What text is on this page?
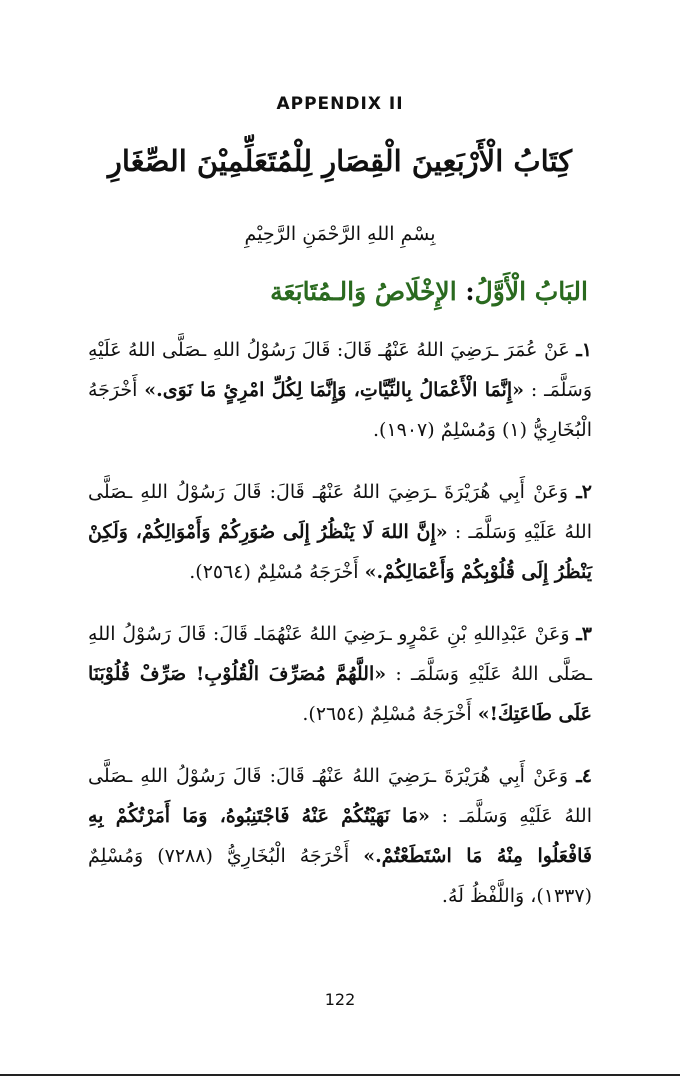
APPENDIX II
كِتَابُ الْأَرْبَعِينَ الْقِصَارِ لِلْمُتَعَلِّمِيْنَ الصِّغَارِ
بِسْمِ اللهِ الرَّحْمَنِ الرَّحِيْمِ
البَابُ الْأَوَّلُ: الإِخْلَاصُ وَالـمُتَابَعَة
١ـ عَنْ عُمَرَ ـرَضِيَ اللهُ عَنْهُـ قَالَ: قَالَ رَسُوْلُ اللهِ ـصَلَّى اللهُ عَلَيْهِ وَسَلَّمَـ : «إِنَّمَا الْأَعْمَالُ بِالنِّيَّاتِ، وَإِنَّمَا لِكُلِّ امْرِئٍ مَا نَوَى.» أَخْرَجَهُ الْبُخَارِيُّ (١) وَمُسْلِمٌ (١٩٠٧).
٢ـ وَعَنْ أَبِي هُرَيْرَةَ ـرَضِيَ اللهُ عَنْهُـ قَالَ: قَالَ رَسُوْلُ اللهِ ـصَلَّى اللهُ عَلَيْهِ وَسَلَّمَـ : «إِنَّ اللهَ لَا يَنْظُرُ إِلَى صُوَرِكُمْ وَأَمْوَالِكُمْ، وَلَكِنْ يَنْظُرُ إِلَى قُلُوْبِكُمْ وَأَعْمَالِكُمْ.» أَخْرَجَهُ مُسْلِمٌ (٢٥٦٤).
٣ـ وَعَنْ عَبْدِاللهِ بْنِ عَمْرٍو ـرَضِيَ اللهُ عَنْهُمَاـ قَالَ: قَالَ رَسُوْلُ اللهِ ـصَلَّى اللهُ عَلَيْهِ وَسَلَّمَـ : «اللَّهُمَّ مُصَرِّفَ الْقُلُوْبِ! صَرِّفْ قُلُوْبَنَا عَلَى طَاعَتِكَ!» أَخْرَجَهُ مُسْلِمٌ (٢٦٥٤).
٤ـ وَعَنْ أَبِي هُرَيْرَةَ ـرَضِيَ اللهُ عَنْهُـ قَالَ: قَالَ رَسُوْلُ اللهِ ـصَلَّى اللهُ عَلَيْهِ وَسَلَّمَـ : «مَا نَهَيْتُكُمْ عَنْهُ فَاجْتَنِبُوهُ، وَمَا أَمَرْتُكُمْ بِهِ فَافْعَلُوا مِنْهُ مَا اسْتَطَعْتُمْ.» أَخْرَجَهُ الْبُخَارِيُّ (٧٢٨٨) وَمُسْلِمٌ (١٣٣٧)، وَاللَّفْظُ لَهُ.
122
